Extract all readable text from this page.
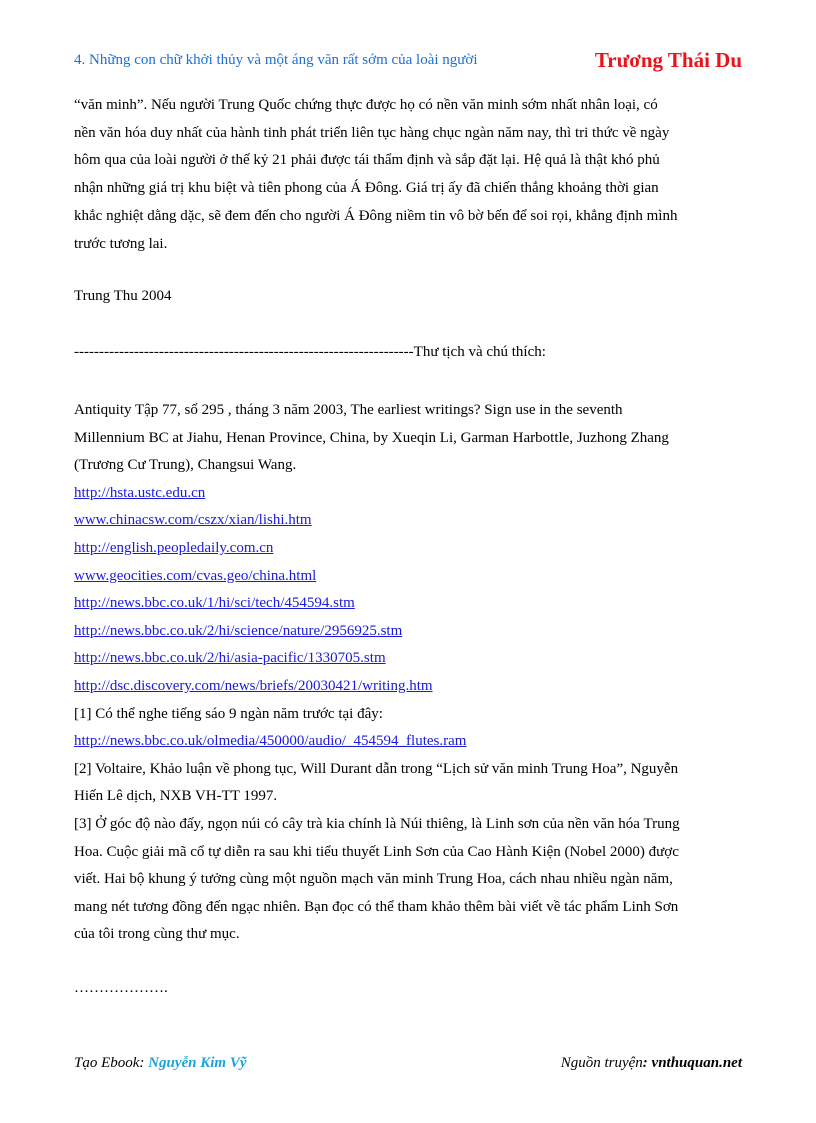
4. Những con chữ khởi thủy và một áng văn rất sớm của loài người	Trương Thái Du
“văn minh”. Nếu người Trung Quốc chứng thực được họ có nền văn minh sớm nhất nhân loại, có
nền văn hóa duy nhất của hành tinh phát triển liên tục hàng chục ngàn năm nay, thì tri thức về ngày
hôm qua của loài người ở thế kỷ 21 phải được tái thẩm định và sắp đặt lại. Hệ quả là thật khó phủ
nhận những giá trị khu biệt và tiên phong của Á Đông. Giá trị ấy đã chiến thắng khoảng thời gian
khắc nghiệt dằng dặc, sẽ đem đến cho người Á Đông niềm tin vô bờ bến để soi rọi, khẳng định mình
trước tương lai.
Trung Thu 2004
--------------------------------------------------------------------Thư tịch và chú thích:
Antiquity Tập 77, số 295 , tháng 3 năm 2003, The earliest writings? Sign use in the seventh
Millennium BC at Jiahu, Henan Province, China, by Xueqin Li, Garman Harbottle, Juzhong Zhang
(Trương Cư Trung), Changsui Wang.
http://hsta.ustc.edu.cn
www.chinacsw.com/cszx/xian/lishi.htm
http://english.peopledaily.com.cn
www.geocities.com/cvas.geo/china.html
http://news.bbc.co.uk/1/hi/sci/tech/454594.stm
http://news.bbc.co.uk/2/hi/science/nature/2956925.stm
http://news.bbc.co.uk/2/hi/asia-pacific/1330705.stm
http://dsc.discovery.com/news/briefs/20030421/writing.htm
[1] Có thể nghe tiếng sáo 9 ngàn năm trước tại đây:
http://news.bbc.co.uk/olmedia/450000/audio/_454594_flutes.ram
[2] Voltaire, Khảo luận về phong tục, Will Durant dẫn trong “Lịch sử văn minh Trung Hoa”, Nguyễn
Hiến Lê dịch, NXB VH-TT 1997.
[3] Ở góc độ nào đấy, ngọn núi có cây trà kia chính là Núi thiêng, là Linh sơn của nền văn hóa Trung
Hoa. Cuộc giải mã cổ tự diễn ra sau khi tiểu thuyết Linh Sơn của Cao Hành Kiện (Nobel 2000) được
viết. Hai bộ khung ý tưởng cùng một nguồn mạch văn minh Trung Hoa, cách nhau nhiều ngàn năm,
mang nét tương đồng đến ngạc nhiên. Bạn đọc có thể tham khảo thêm bài viết về tác phẩm Linh Sơn
của tôi trong cùng thư mục.
……………….
Tạo Ebook: Nguyễn Kim Vỹ	Nguồn truyện: vnthuquan.net
